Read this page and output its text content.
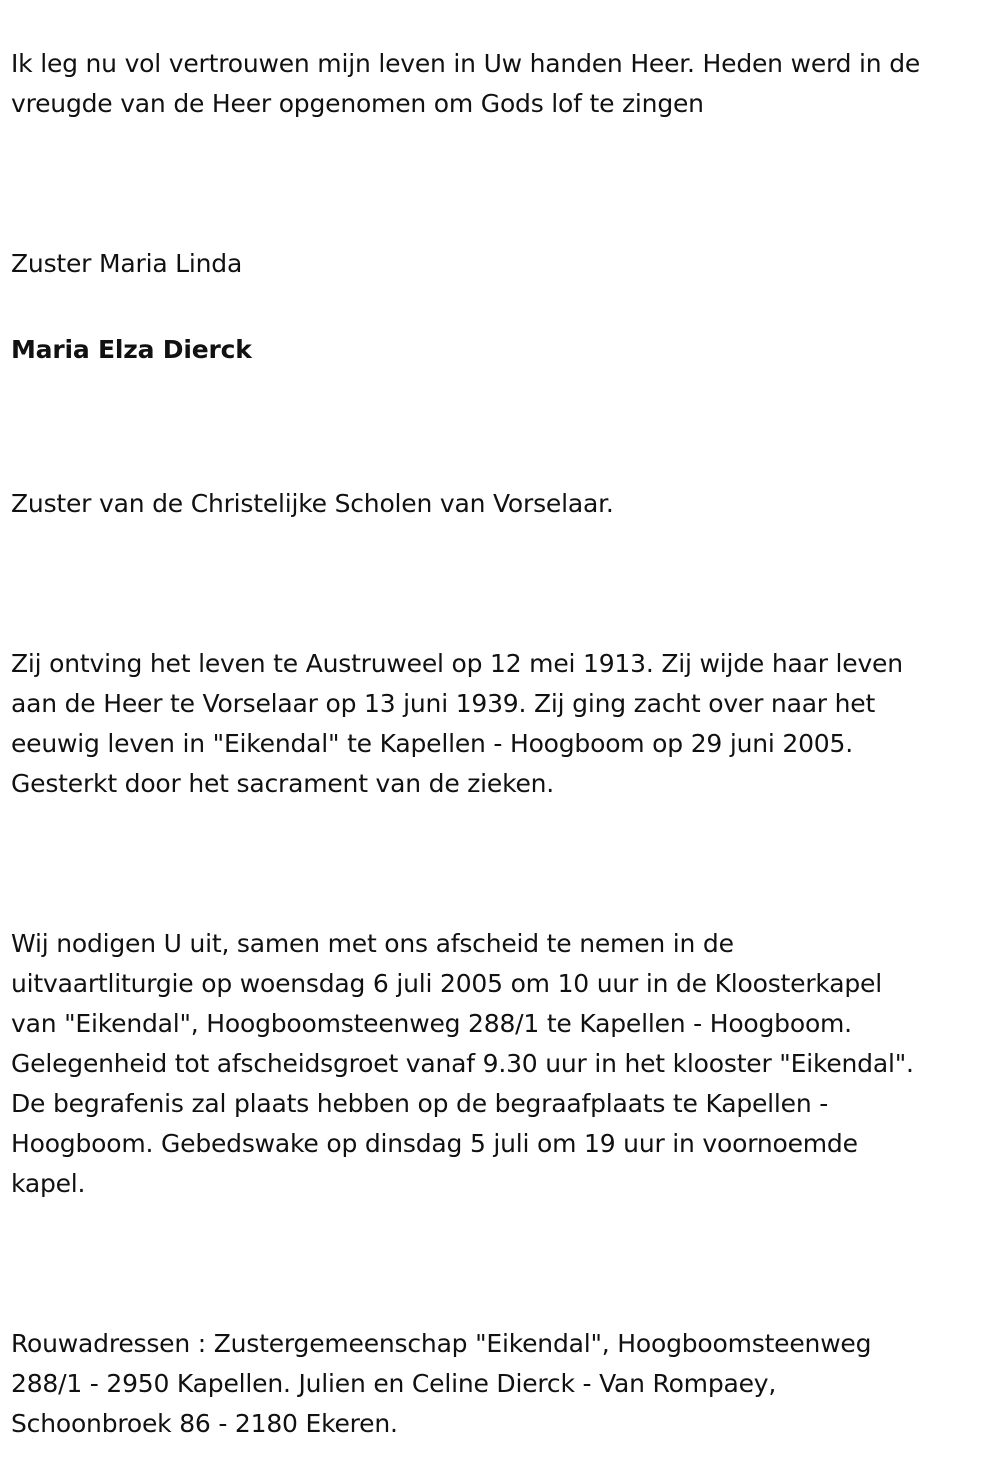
Ik leg nu vol vertrouwen mijn leven in Uw handen Heer. Heden werd in de
vreugde van de Heer opgenomen om Gods lof te zingen

Zuster Maria Linda

Maria Elza Dierck

Zuster van de Christelijke Scholen van Vorselaar.

Zij ontving het leven te Austruweel op 12 mei 1913. Zij wijde haar leven
aan de Heer te Vorselaar op 13 juni 1939. Zij ging zacht over naar het
eeuwig leven in "Eikendal" te Kapellen - Hoogboom op 29 juni 2005.
Gesterkt door het sacrament van de zieken.

Wij nodigen U uit, samen met ons afscheid te nemen in de
uitvaartliturgie op woensdag 6 juli 2005 om 10 uur in de Kloosterkapel
van "Eikendal", Hoogboomsteenweg 288/1 te Kapellen - Hoogboom.
Gelegenheid tot afscheidsgroet vanaf 9.30 uur in het klooster "Eikendal".
De begrafenis zal plaats hebben op de begraafplaats te Kapellen -
Hoogboom. Gebedswake op dinsdag 5 juli om 19 uur in voornoemde
kapel.

Rouwadressen : Zustergemeenschap "Eikendal", Hoogboomsteenweg
288/1 - 2950 Kapellen. Julien en Celine Dierck - Van Rompaey,
Schoonbroek 86 - 2180 Ekeren.
